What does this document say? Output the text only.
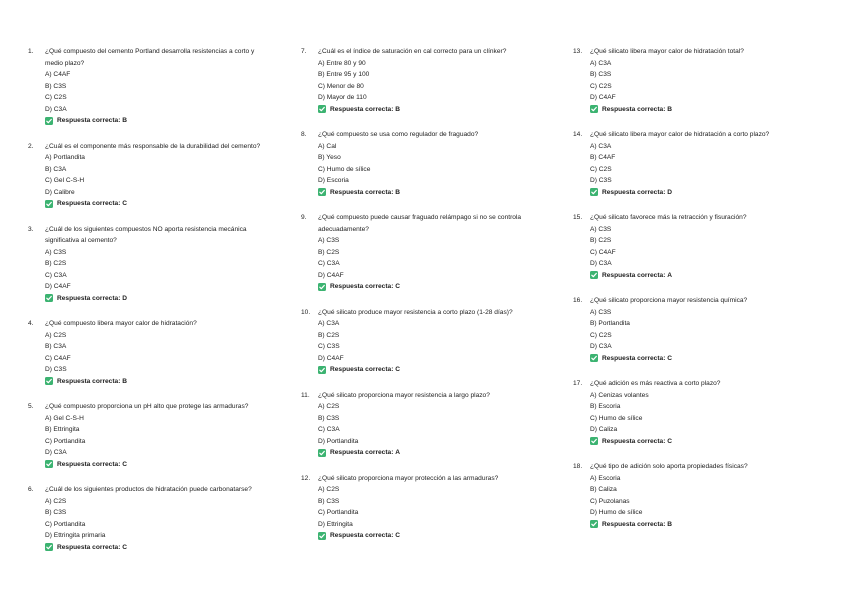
1. ¿Qué compuesto del cemento Portland desarrolla resistencias a corto y medio plazo?
A) C4AF
B) C3S
C) C2S
D) C3A
Respuesta correcta:
B
2. ¿Cuál es el componente más responsable de la durabilidad del cemento?
A) Portlandita
B) C3A
C) Gel C-S-H
D) Calibre
Respuesta correcta:
C
3. ¿Cuál de los siguientes compuestos NO aporta resistencia mecánica significativa al cemento?
A) C3S
B) C2S
C) C3A
D) C4AF
Respuesta correcta:
D
4. ¿Qué compuesto libera mayor calor de hidratación?
A) C2S
B) C3A
C) C4AF
D) C3S
Respuesta correcta:
B
5. ¿Qué compuesto proporciona un pH alto que protege las armaduras?
A) Gel C-S-H
B) Ettringita
C) Portlandita
D) C3A
Respuesta correcta:
C
6. ¿Cuál de los siguientes productos de hidratación puede carbonatarse?
A) C2S
B) C3S
C) Portlandita
D) Ettringita primaria
Respuesta correcta:
C
7. ¿Cuál es el índice de saturación en cal correcto para un clínker?
A) Entre 80 y 90
B) Entre 95 y 100
C) Menor de 80
D) Mayor de 110
Respuesta correcta:
B
8. ¿Qué compuesto se usa como regulador de fraguado?
A) Cal
B) Yeso
C) Humo de sílice
D) Escoria
Respuesta correcta:
B
9. ¿Qué compuesto puede causar fraguado relámpago si no se controla adecuadamente?
A) C3S
B) C2S
C) C3A
D) C4AF
Respuesta correcta:
C
10. ¿Qué silicato produce mayor resistencia a corto plazo (1-28 días)?
A) C3A
B) C2S
C) C3S
D) C4AF
Respuesta correcta:
C
11. ¿Qué silicato proporciona mayor resistencia a largo plazo?
A) C2S
B) C3S
C) C3A
D) Portlandita
Respuesta correcta:
A
12. ¿Qué silicato proporciona mayor protección a las armaduras?
A) C2S
B) C3S
C) Portlandita
D) Ettringita
Respuesta correcta:
C
13. ¿Qué silicato libera mayor calor de hidratación total?
A) C3A
B) C3S
C) C2S
D) C4AF
Respuesta correcta:
B
14. ¿Qué silicato libera mayor calor de hidratación a corto plazo?
A) C3A
B) C4AF
C) C2S
D) C3S
Respuesta correcta:
D
15. ¿Qué silicato favorece más la retracción y fisuración?
A) C3S
B) C2S
C) C4AF
D) C3A
Respuesta correcta:
A
16. ¿Qué silicato proporciona mayor resistencia química?
A) C3S
B) Portlandita
C) C2S
D) C3A
Respuesta correcta:
C
17. ¿Qué adición es más reactiva a corto plazo?
A) Cenizas volantes
B) Escoria
C) Humo de sílice
D) Caliza
Respuesta correcta:
C
18. ¿Qué tipo de adición solo aporta propiedades físicas?
A) Escoria
B) Caliza
C) Puzolanas
D) Humo de sílice
Respuesta correcta:
B
